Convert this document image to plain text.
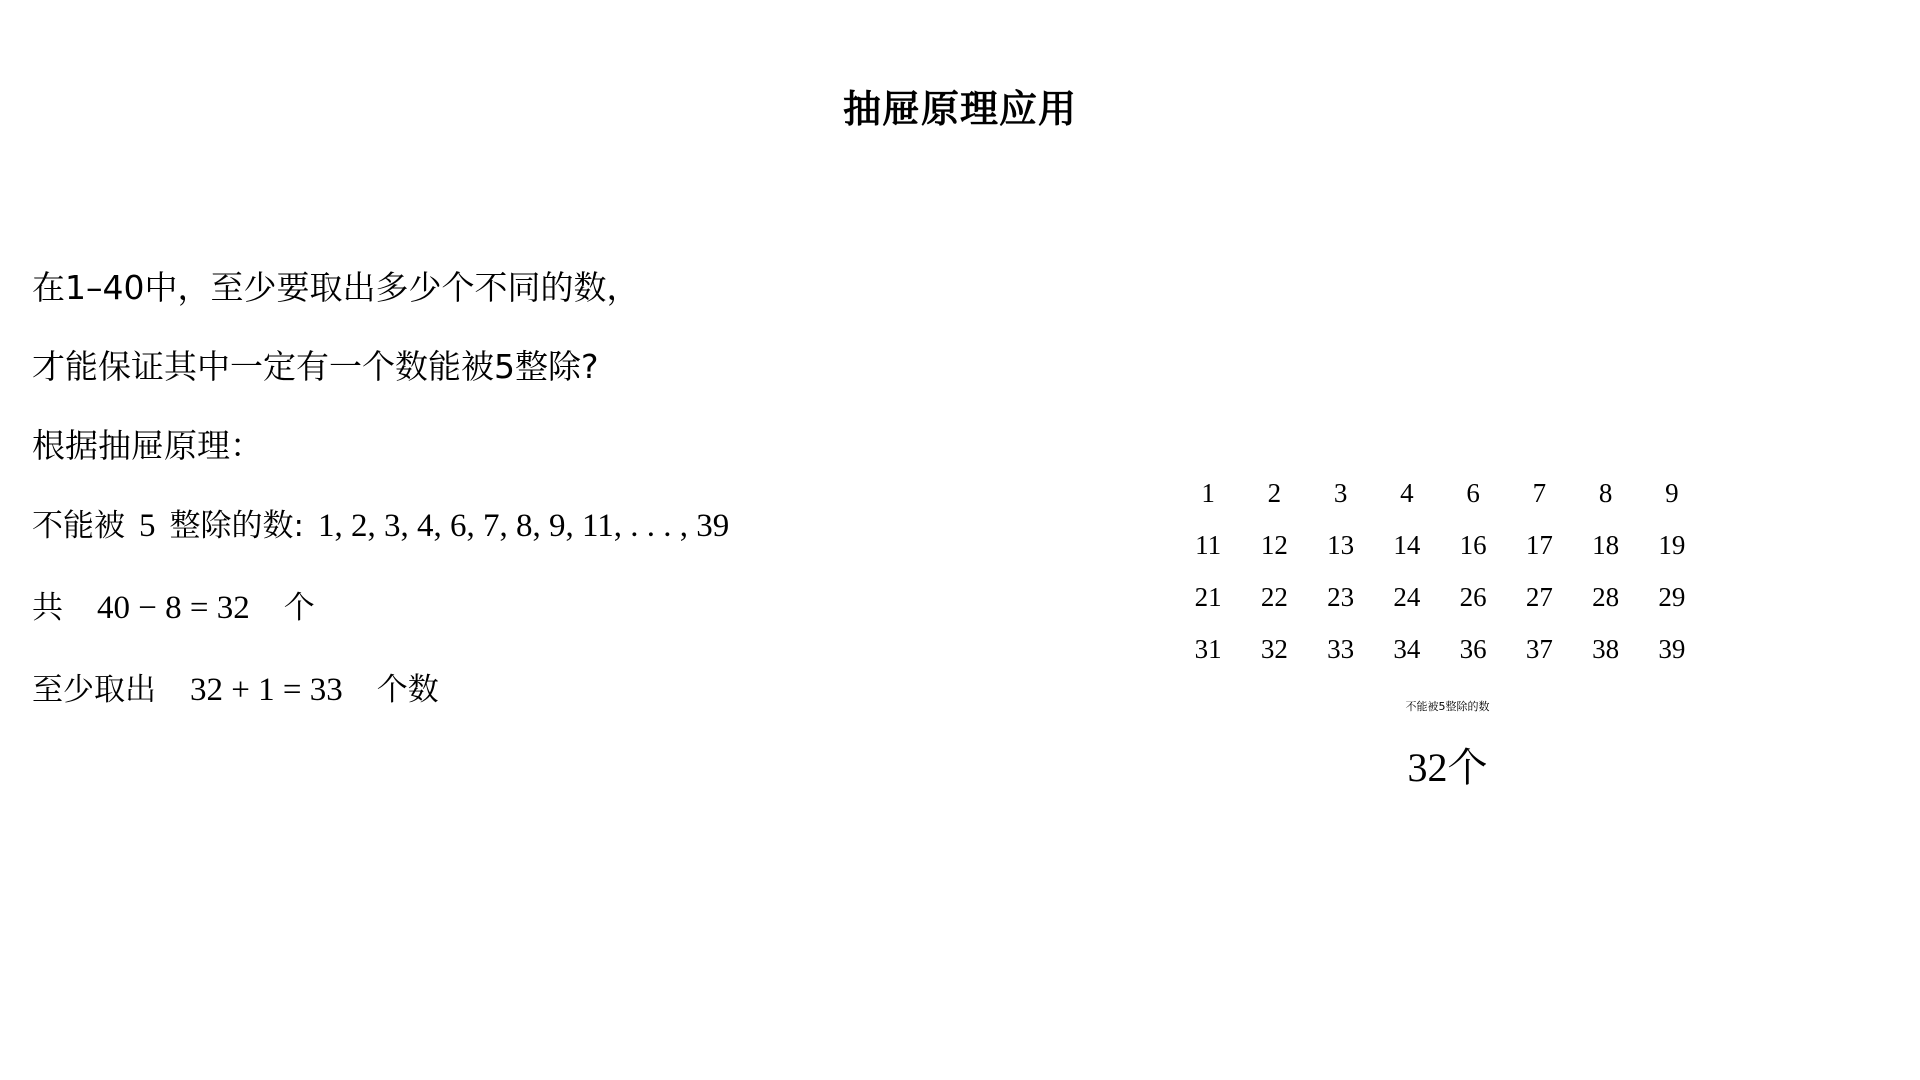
抽屉原理应用
在1–40中，至少要取出多少个不同的数，
才能保证其中一定有一个数能被5整除?
根据抽屉原理：
不能被 5 整除的数: 1, 2, 3, 4, 6, 7, 8, 9, 11, . . . , 39
共 40 − 8 = 32 个
至少取出 32 + 1 = 33 个数
1	2	3	4	6	7	8	9
11	12	13	14	16	17	18	19
21	22	23	24	26	27	28	29
31	32	33	34	36	37	38	39
不能被5整除的数
32个
